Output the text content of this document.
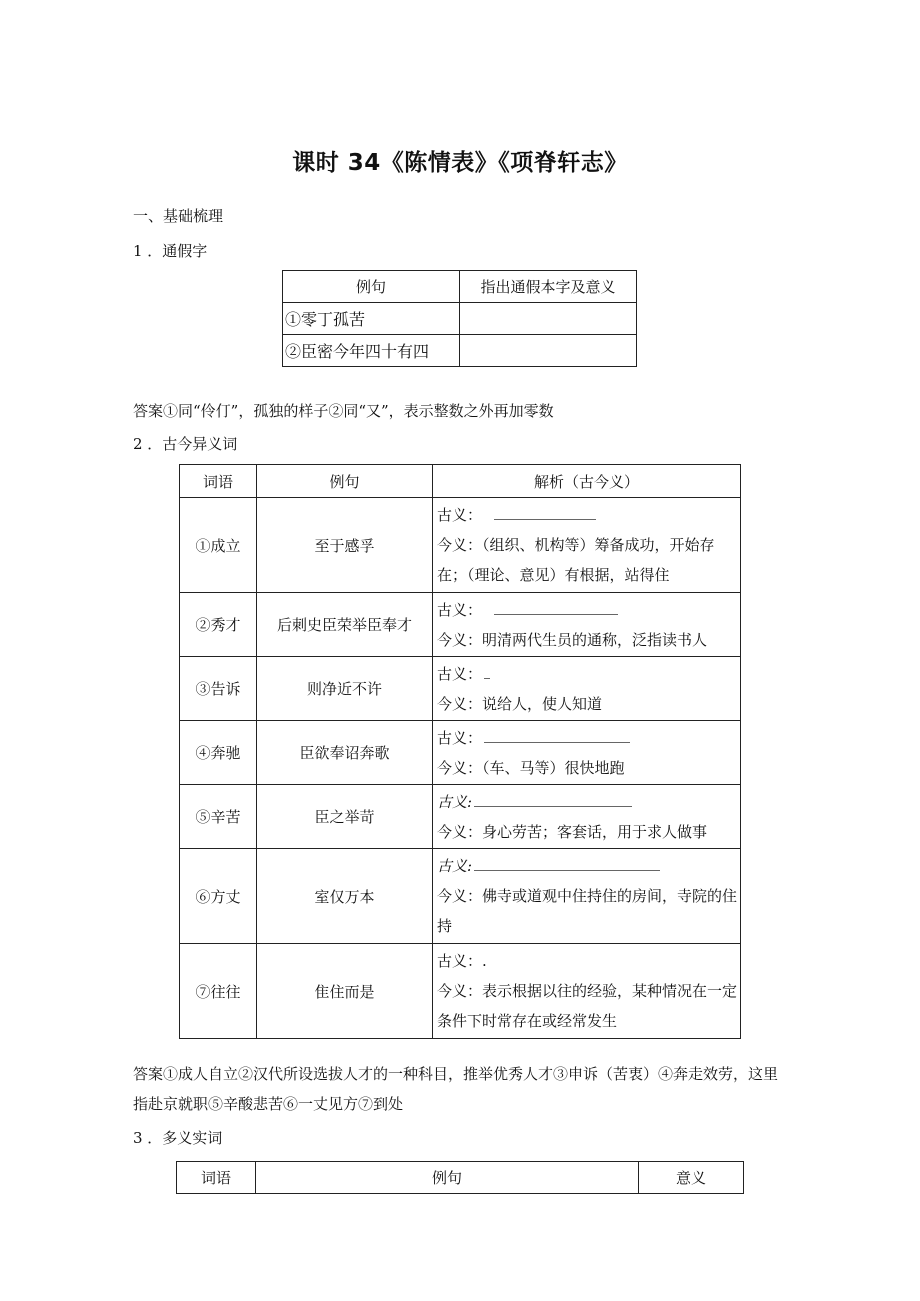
课时 34《陈情表》《项脊轩志》
一、基础梳理
1 ．通假字
例句	指出通假本字及意义
①零丁孤苦	
②臣密今年四十有四	
答案①同“伶仃”，孤独的样子②同“又”，表示整数之外再加零数
2 ．古今异义词
词语	例句	解析（古今义）
①成立	至于感孚	古义：
今义：（组织、机构等）筹备成功，开始存在；（理论、意见）有根据，站得住

②秀才	后刺史臣荣举臣奉才	古义：
今义：明清两代生员的通称，泛指读书人

③告诉	则净近不许	古义：
今义：说给人，使人知道

④奔驰	臣欲奉诏奔歌	古义：
今义：（车、马等）很快地跑

⑤辛苦	臣之举苛	古义:
今义：身心劳苦；客套话，用于求人做事

⑥方丈	室仅万本	古义:
今义：佛寺或道观中住持住的房间，寺院的住持

⑦往往	隹住而是	古义：.
今义：表示根据以往的经验，某种情况在一定条件下时常存在或经常发生
答案①成人自立②汉代所设选拔人才的一种科目，推举优秀人才③申诉（苦衷）④奔走效劳，这里指赴京就职⑤辛酸悲苦⑥一丈见方⑦到处
3 ．多义实词
词语	例句	意义
